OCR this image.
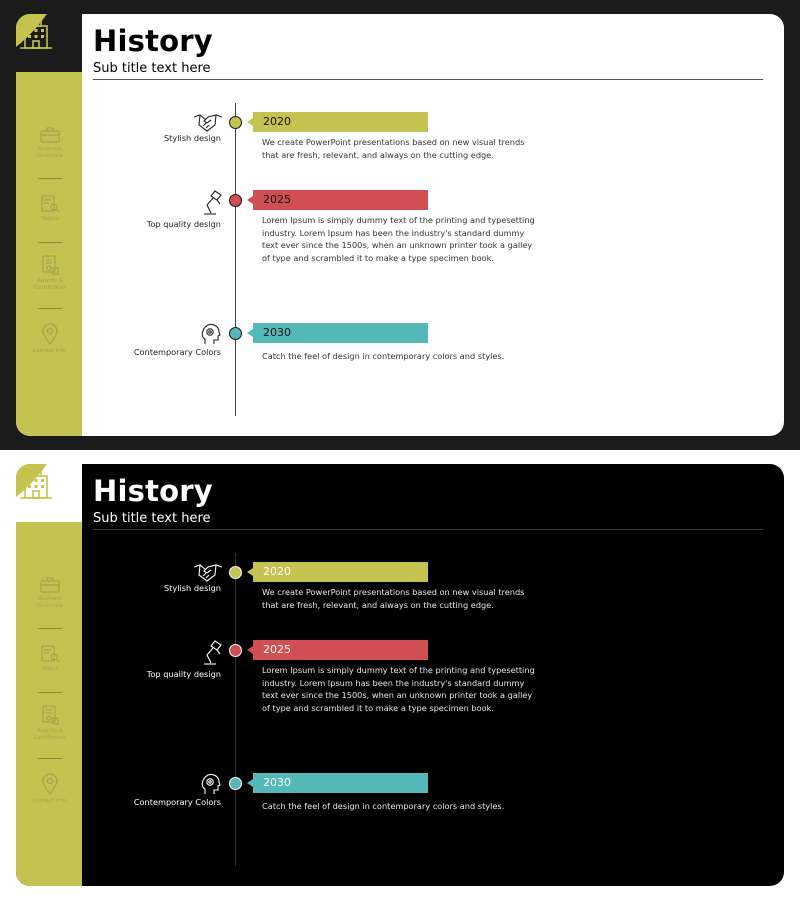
Business
Overview
Status
Awards &
Certificates
Contact Info.
History
Sub title text here
Stylish design
2020
We create PowerPoint presentations based on new visual trends
that are fresh, relevant, and always on the cutting edge.
Top quality design
2025
Lorem Ipsum is simply dummy text of the printing and typesetting
industry. Lorem Ipsum has been the industry's standard dummy
text ever since the 1500s, when an unknown printer took a galley
of type and scrambled it to make a type specimen book.
Contemporary Colors
2030
Catch the feel of design in contemporary colors and styles.
Business
Overview
Status
Awards &
Certificates
Contact Info.
History
Sub title text here
Stylish design
2020
We create PowerPoint presentations based on new visual trends
that are fresh, relevant, and always on the cutting edge.
Top quality design
2025
Lorem Ipsum is simply dummy text of the printing and typesetting
industry. Lorem Ipsum has been the industry's standard dummy
text ever since the 1500s, when an unknown printer took a galley
of type and scrambled it to make a type specimen book.
Contemporary Colors
2030
Catch the feel of design in contemporary colors and styles.
